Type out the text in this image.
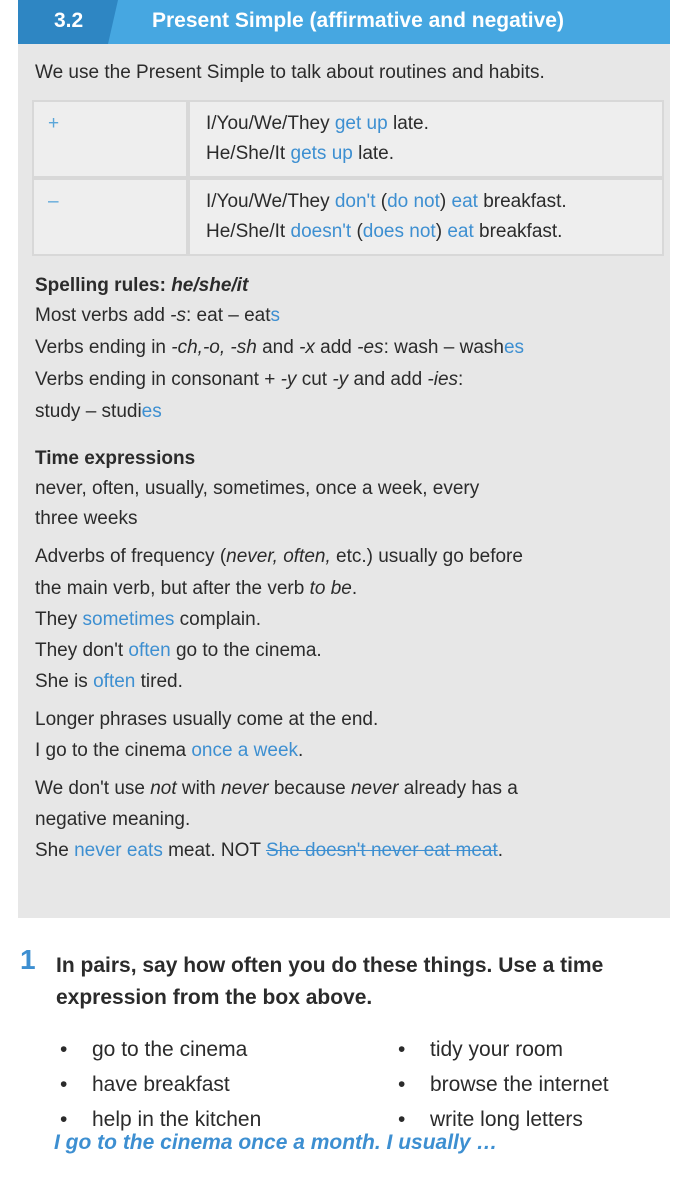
3.2	Present Simple (affirmative and negative)
We use the Present Simple to talk about routines and habits.
+	I/You/We/They get up late.
He/She/It gets up late.

–	I/You/We/They don't (do not) eat breakfast.
He/She/It doesn't (does not) eat breakfast.
Spelling rules: he/she/it
Most verbs add -s: eat – eats
Verbs ending in -ch,-o, -sh and -x add -es: wash – washes
Verbs ending in consonant + -y cut -y and add -ies:
study – studies
Time expressions
never, often, usually, sometimes, once a week, every
three weeks
Adverbs of frequency (never, often, etc.) usually go before
the main verb, but after the verb to be.
They sometimes complain.
They don't often go to the cinema.
She is often tired.
Longer phrases usually come at the end.
I go to the cinema once a week.
We don't use not with never because never already has a
negative meaning.
She never eats meat. NOT She doesn't never eat meat.
1 In pairs, say how often you do these things. Use a time expression from the box above.
• go to the cinema	• tidy your room
• have breakfast	• browse the internet
• help in the kitchen	• write long letters
I go to the cinema once a month. I usually …
